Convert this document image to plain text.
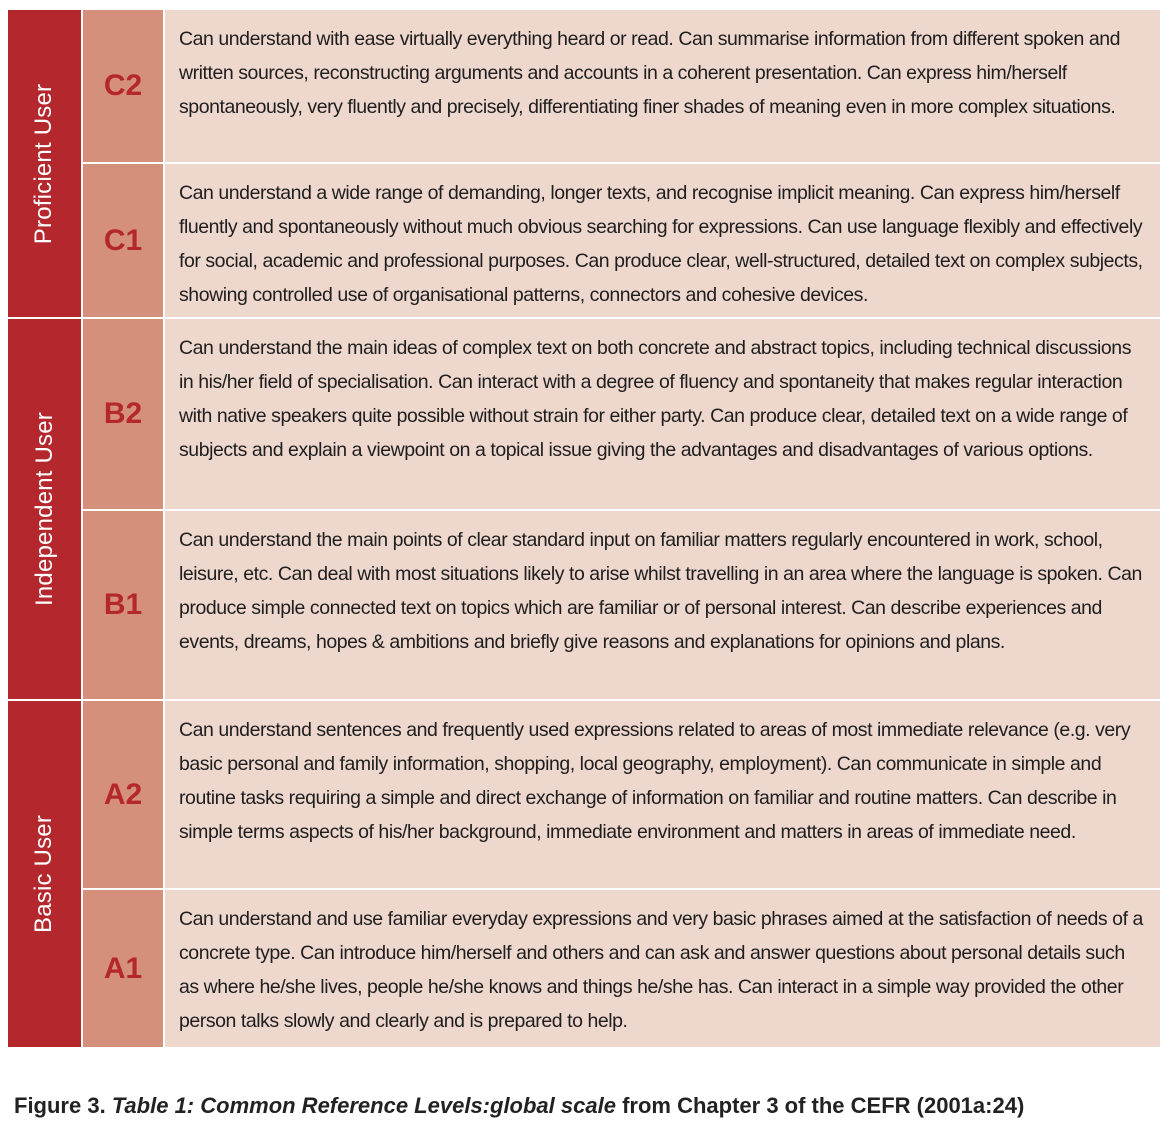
Proficient User	C2
Can understand with ease virtually everything heard or read. Can summarise information from different spoken and written sources, reconstructing arguments and accounts in a coherent presentation. Can express him/herself spontaneously, very fluently and precisely, differentiating finer shades of meaning even in more complex situations.
C1
Can understand a wide range of demanding, longer texts, and recognise implicit meaning. Can express him/herself fluently and spontaneously without much obvious searching for expressions. Can use language flexibly and effectively for social, academic and professional purposes. Can produce clear, well-structured, detailed text on complex subjects, showing controlled use of organisational patterns, connectors and cohesive devices.
Independent User	B2
Can understand the main ideas of complex text on both concrete and abstract topics, including technical discussions in his/her field of specialisation. Can interact with a degree of fluency and spontaneity that makes regular interaction with native speakers quite possible without strain for either party. Can produce clear, detailed text on a wide range of subjects and explain a viewpoint on a topical issue giving the advantages and disadvantages of various options.
B1
Can understand the main points of clear standard input on familiar matters regularly encountered in work, school, leisure, etc. Can deal with most situations likely to arise whilst travelling in an area where the language is spoken. Can produce simple connected text on topics which are familiar or of personal interest. Can describe experiences and events, dreams, hopes & ambitions and briefly give reasons and explanations for opinions and plans.
Basic User
A2
Can understand sentences and frequently used expressions related to areas of most immediate relevance (e.g. very basic personal and family information, shopping, local geography, employment). Can communicate in simple and routine tasks requiring a simple and direct exchange of information on familiar and routine matters. Can describe in simple terms aspects of his/her background, immediate environment and matters in areas of immediate need.
A1
Can understand and use familiar everyday expressions and very basic phrases aimed at the satisfaction of needs of a concrete type. Can introduce him/herself and others and can ask and answer questions about personal details such as where he/she lives, people he/she knows and things he/she has. Can interact in a simple way provided the other person talks slowly and clearly and is prepared to help.
Figure 3. Table 1: Common Reference Levels:global scale from Chapter 3 of the CEFR (2001a:24)
